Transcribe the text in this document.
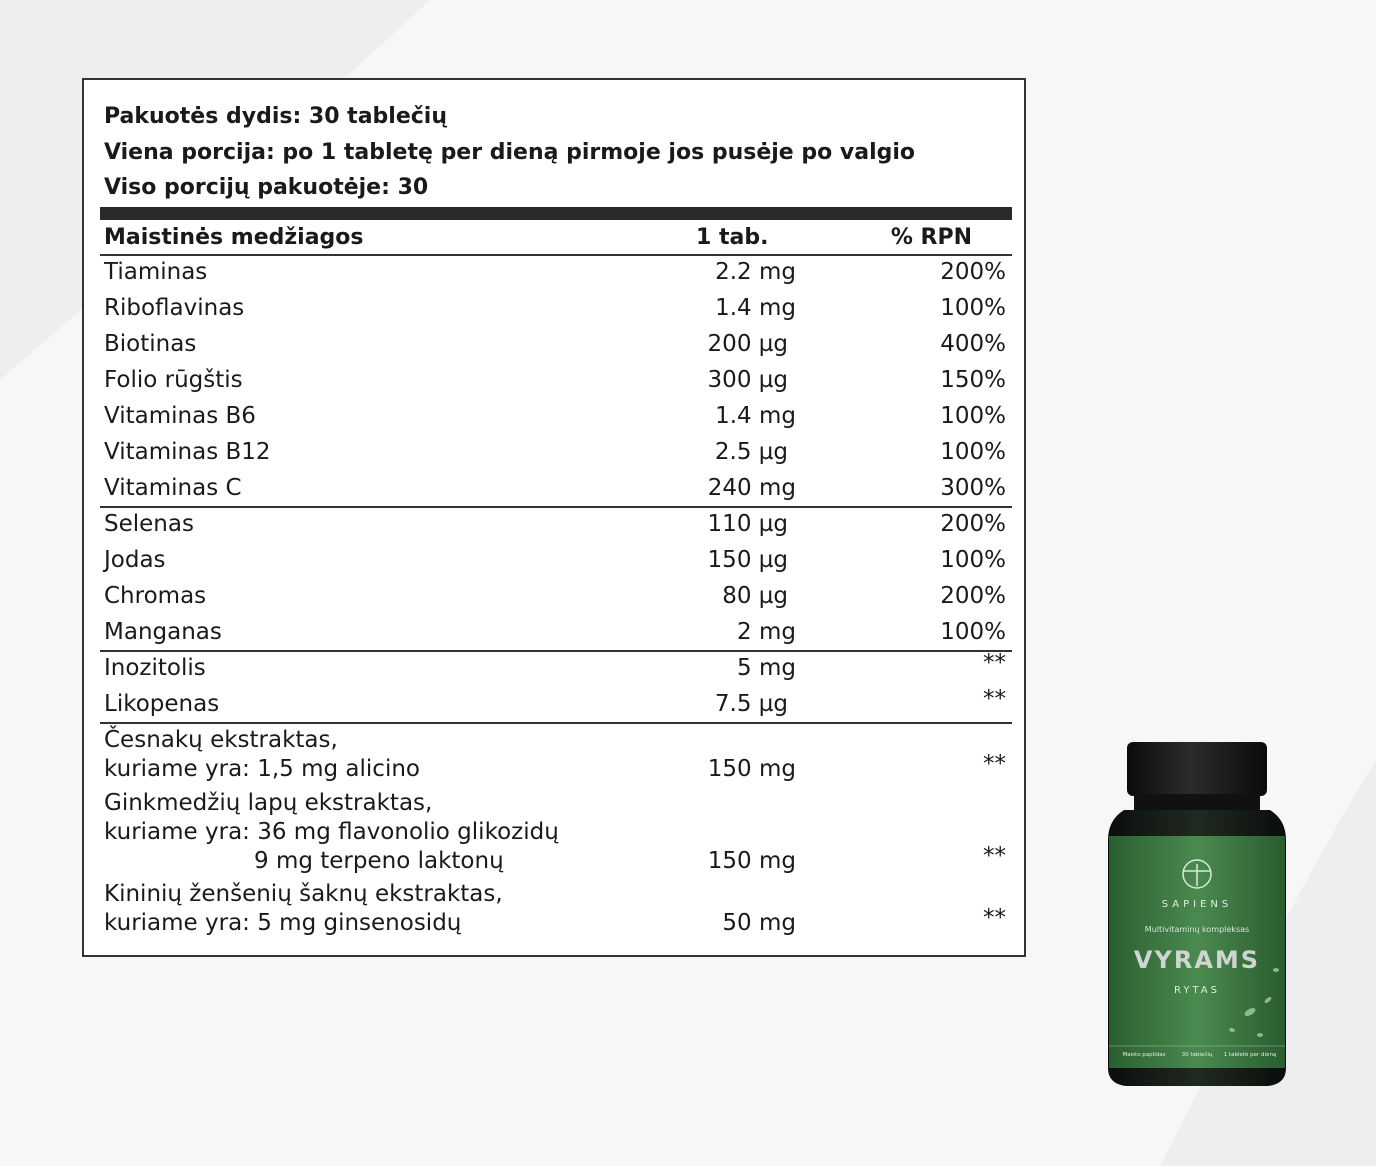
Pakuotės dydis: 30 tablečių
Viena porcija: po 1 tabletę per dieną pirmoje jos pusėje po valgio
Viso porcijų pakuotėje: 30
Maistinės medžiagos	1 tab.	% RPN
Tiaminas	2.2 mg	200%
Riboflavinas	1.4 mg	100%
Biotinas	200 µg	400%
Folio rūgštis	300 µg	150%
Vitaminas B6	1.4 mg	100%
Vitaminas B12	2.5 µg	100%
Vitaminas C	240 mg	300%
Selenas	110 µg	200%
Jodas	150 µg	100%
Chromas	80 µg	200%
Manganas	2 mg	100%
Inozitolis	5 mg	**
Likopenas	7.5 µg	**
Česnakų ekstraktas,
kuriame yra: 1,5 mg alicino	150 mg	**
Ginkmedžių lapų ekstraktas,
kuriame yra: 36 mg flavonolio glikozidų
9 mg terpeno laktonų	150 mg	**
Kininių ženšenių šaknų ekstraktas,
kuriame yra: 5 mg ginsenosidų	50 mg	**
SAPIENS
Multivitaminų kompleksas
VYRAMS
RYTAS
Maisto papildas	30 tablečių 1 tabletė per dieną
